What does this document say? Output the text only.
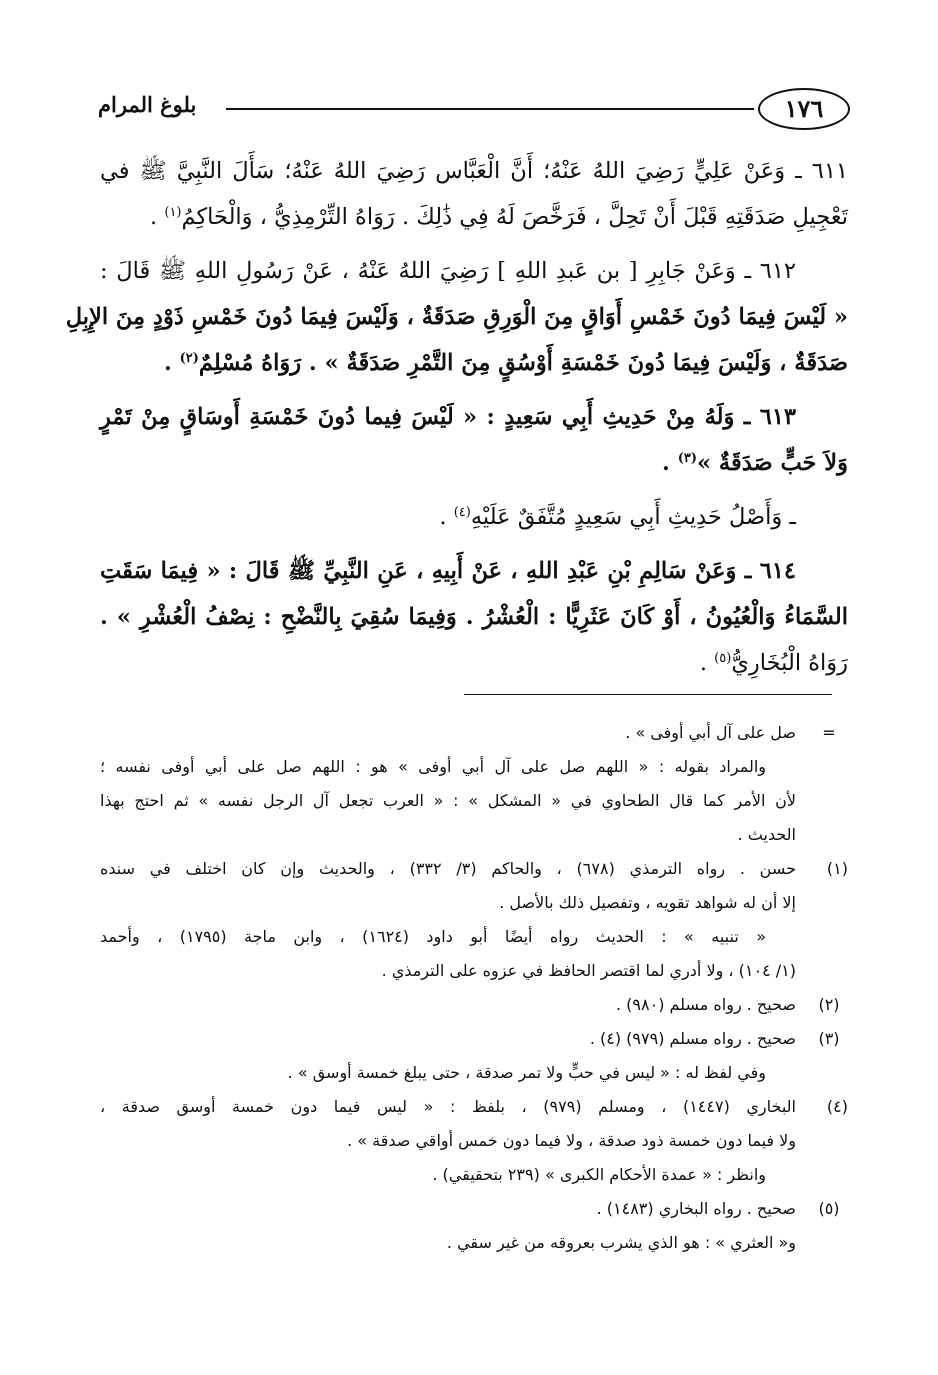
١٧٦
بلوغ المرام
٦١١ ـ وَعَنْ عَلِيٍّ رَضِيَ اللهُ عَنْهُ؛ أَنَّ الْعَبَّاس رَضِيَ اللهُ عَنْهُ؛ سَأَلَ النَّبِيَّ ﷺ في
تَعْجِيلِ صَدَقَتِهِ قَبْلَ أَنْ تَحِلَّ ، فَرَخَّصَ لَهُ فِي ذَٰلِكَ . رَوَاهُ التِّرْمِذِيُّ ، وَالْحَاكِمُ$^{(١)}$ .
٦١٢ ـ وَعَنْ جَابِرِ [ بن عَبدِ اللهِ ] رَضِيَ اللهُ عَنْهُ ، عَنْ رَسُولِ اللهِ ﷺ قَالَ :
« لَيْسَ فِيمَا دُونَ خَمْسِ أَوَاقٍ مِنَ الْوَرِقِ صَدَقَةٌ ، وَلَيْسَ فِيمَا دُونَ خَمْسِ ذَوْدٍ مِنَ الإِبِلِ
صَدَقَةٌ ، وَلَيْسَ فِيمَا دُونَ خَمْسَةِ أَوْسُقٍ مِنَ التَّمْرِ صَدَقَةٌ » . رَوَاهُ مُسْلِمٌ$^{(٢)}$ .
٦١٣ ـ وَلَهُ مِنْ حَدِيثِ أَبِي سَعِيدٍ : « لَيْسَ فِيما دُونَ خَمْسَةِ أَوسَاقٍ مِنْ تَمْرٍ
وَلاَ حَبٍّ صَدَقَةٌ »$^{(٣)}$ .
ـ وَأَصْلُ حَدِيثِ أَبِي سَعِيدٍ مُتَّفَقٌ عَلَيْهِ$^{(٤)}$ .
٦١٤ ـ وَعَنْ سَالِمِ بْنِ عَبْدِ اللهِ ، عَنْ أَبِيهِ ، عَنِ النَّبِيِّ ﷺ قَالَ : « فِيمَا سَقَتِ
السَّمَاءُ وَالْعُيُونُ ، أَوْ كَانَ عَثَرِيًّا : الْعُشْرُ . وَفِيمَا سُقِيَ بِالنَّضْحِ : نِصْفُ الْعُشْرِ » .
رَوَاهُ الْبُخَارِيُّ$^{(٥)}$ .
=
صل على آل أبي أوفى » .
والمراد بقوله : « اللهم صل على آل أبي أوفى » هو : اللهم صل على أبي أوفى نفسه ؛
لأن الأمر كما قال الطحاوي في « المشكل » : « العرب تجعل آل الرجل نفسه » ثم احتج بهذا
الحديث .
(١)
حسن . رواه الترمذي (٦٧٨) ، والحاكم (٣/ ٣٣٢) ، والحديث وإن كان اختلف في سنده
إلا أن له شواهد تقويه ، وتفصيل ذلك بالأصل .
« تنبيه » : الحديث رواه أيضًا أبو داود (١٦٢٤) ، وابن ماجة (١٧٩٥) ، وأحمد
(١/ ١٠٤) ، ولا أدري لما اقتصر الحافظ في عزوه على الترمذي .
(٢)
صحيح . رواه مسلم (٩٨٠) .
(٣)
صحيح . رواه مسلم (٩٧٩) (٤) .
وفي لفظ له : « ليس في حبٍّ ولا تمر صدقة ، حتى يبلغ خمسة أوسق » .
(٤)
البخاري (١٤٤٧) ، ومسلم (٩٧٩) ، بلفظ : « ليس فيما دون خمسة أوسق صدقة ،
ولا فيما دون خمسة ذود صدقة ، ولا فيما دون خمس أواقي صدقة » .
وانظر : « عمدة الأحكام الكبرى » (٢٣٩ بتحقيقي) .
(٥)
صحيح . رواه البخاري (١٤٨٣) .
و« العثري » : هو الذي يشرب بعروقه من غير سقي .
